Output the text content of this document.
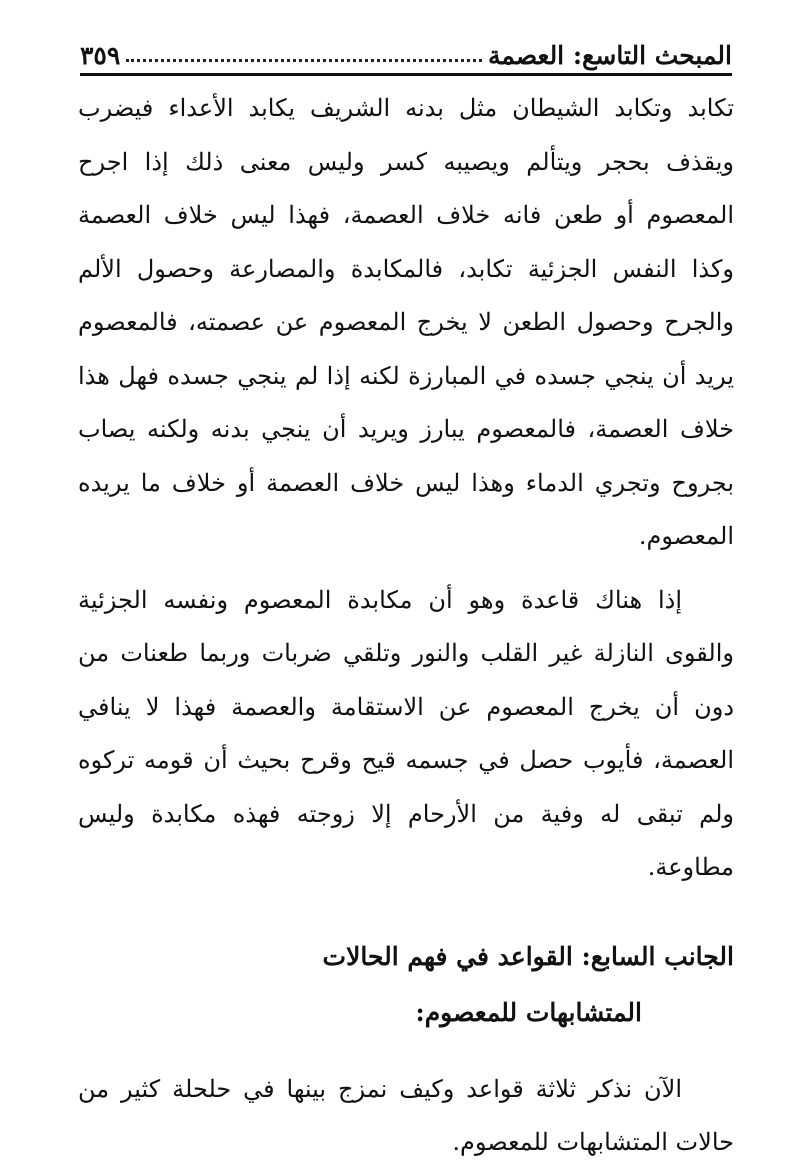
المبحث التاسع: العصمة
٣٥٩

تكابد وتكابد الشيطان مثل بدنه الشريف يكابد الأعداء فيضرب ويقذف بحجر ويتألم ويصيبه كسر وليس معنى ذلك إذا اجرح المعصوم أو طعن فانه خلاف العصمة، فهذا ليس خلاف العصمة وكذا النفس الجزئية تكابد، فالمكابدة والمصارعة وحصول الألم والجرح وحصول الطعن لا يخرج المعصوم عن عصمته، فالمعصوم يريد أن ينجي جسده في المبارزة لكنه إذا لم ينجي جسده فهل هذا خلاف العصمة، فالمعصوم يبارز ويريد أن ينجي بدنه ولكنه يصاب بجروح وتجري الدماء وهذا ليس خلاف العصمة أو خلاف ما يريده المعصوم.

إذا هناك قاعدة وهو أن مكابدة المعصوم ونفسه الجزئية والقوى النازلة غير القلب والنور وتلقي ضربات وربما طعنات من دون أن يخرج المعصوم عن الاستقامة والعصمة فهذا لا ينافي العصمة، فأيوب حصل في جسمه قيح وقرح بحيث أن قومه تركوه ولم تبقى له وفية من الأرحام إلا زوجته فهذه مكابدة وليس مطاوعة.

الجانب السابع: القواعد في فهم الحالات

المتشابهات للمعصوم:

الآن نذكر ثلاثة قواعد وكيف نمزج بينها في حلحلة كثير من حالات المتشابهات للمعصوم.
